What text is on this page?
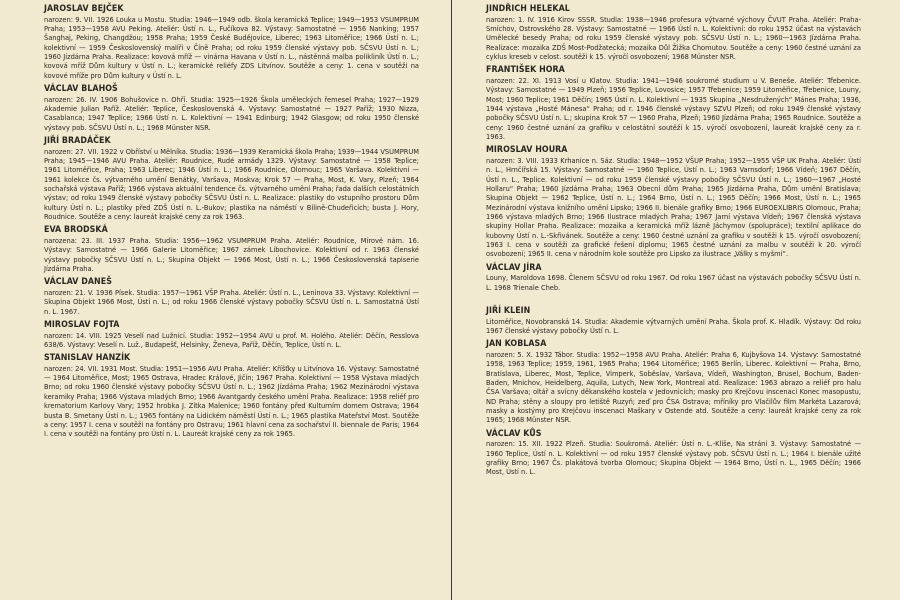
JAROSLAV BEJČEK

narozen: 9. VII. 1926 Louka u Mostu. Studia: 1946—1949 odb. škola keramická Teplice; 1949—1953 VSUMPRUM Praha; 1953—1958 AVU Peking. Ateliér: Ústí n. L., Fučíkova 82. Výstavy: Samostatné — 1956 Nanking; 1957 Šanghaj, Peking, Changdžou; 1958 Praha; 1959 České Budějovice, Liberec; 1963 Litoměřice; 1966 Ústí n. L.; kolektivní — 1959 Československý malíři v Číně Praha; od roku 1959 členské výstavy pob. SČSVU Ústí n. L.; 1960 Jízdárna Praha. Realizace: kovová mříž — vinárna Havana v Ústí n. L., nástěnná malba polikliník Ústí n. L.; kovová mříž Dům kultury v Ústí n. L.; keramické reliéfy ZDS Litvínov. Soutěže a ceny: 1. cena v soutěži na kovové mříže pro Dům kultury v Ústí n. L.

VÁCLAV BLAHOŠ

narozen: 26. IV. 1906 Bohušovice n. Ohří. Studia: 1925—1926 Škola uměleckých řemesel Praha; 1927—1929 Akademie Julian Paříž. Ateliér: Teplice, Československá 4. Výstavy: Samostatné — 1927 Paříž; 1930 Nizza, Casablanca; 1947 Teplice; 1966 Ústí n. L. Kolektivní — 1941 Edinburg; 1942 Glasgow; od roku 1950 členské výstavy pob. SČSVU Ústí n. L.; 1968 Münster NSR.

JIŘÍ BRADÁČEK

narozen: 27. VII. 1922 v Obříství u Mělníka. Studia: 1936—1939 Keramická škola Praha; 1939—1944 VSUMPRUM Praha; 1945—1946 AVU Praha. Ateliér: Roudnice, Rudé armády 1329. Výstavy: Samostatné — 1958 Teplice; 1961 Litoměřice, Praha; 1963 Liberec; 1946 Ústí n. L.; 1966 Roudnice, Olomouc; 1965 Varšava. Kolektivní — 1961 kolekce čs. výtvarného umění Benátky, Varšava, Moskva; Krok 57 — Praha, Most, K. Vary, Plzeň; 1964 sochařská výstava Paříž; 1966 výstava aktuální tendence čs. výtvarného umění Praha; řada dalších celostátních výstav; od roku 1949 členské výstavy pobočky SČSVU Ústí n. L. Realizace: plastiky do vstupního prostoru Dům kultury Ústí n. L.; plastiky před ZDŠ Ústí n. L.-Bukov; plastika na náměstí v Bílině-Chudeřicích; busta J. Hory, Roudnice. Soutěže a ceny: laureát krajské ceny za rok 1963.

EVA BRODSKÁ

narozena: 23. III. 1937 Praha. Studia: 1956—1962 VSUMPRUM Praha. Ateliér: Roudnice, Mírové nám. 16. Výstavy: Samostatné — 1966 Galerie Litoměřice; 1967 zámek Libochovice. Kolektivní od r. 1963 členské výstavy pobočky SČSVU Ústí n. L.; Skupina Objekt — 1966 Most, Ústí n. L.; 1966 Československá tapiserie Jízdárna Praha.

VÁCLAV DANEŠ

narozen: 21. V. 1936 Písek. Studia: 1957—1961 VŠP Praha. Ateliér: Ústí n. L., Leninova 33. Výstavy: Kolektivní — Skupina Objekt 1966 Most, Ústí n. L.; od roku 1966 členské výstavy pobočky SČSVU Ústí n. L. Samostatná Ústí n. L. 1967.

MIROSLAV FOJTA

narozen: 14. VIII. 1925 Veselí nad Lužnicí. Studia: 1952—1954 AVU u prof. M. Holého. Ateliér: Děčín, Resslova 638/6. Výstavy: Veselí n. Luž., Budapešť, Helsinky, Ženeva, Paříž, Děčín, Teplice, Ústí n. L.

STANISLAV HANZÍK

narozen: 24. VII. 1931 Most. Studia: 1951—1956 AVU Praha. Ateliér: Kříšťky u Litvínova 16. Výstavy: Samostatné — 1964 Litoměřice, Most; 1965 Ostrava, Hradec Králové, Jičín; 1967 Praha. Kolektivní — 1958 Výstava mladých Brno; od roku 1960 členské výstavy pobočky SČSVU Ústí n. L.; 1962 Jízdárna Praha; 1962 Mezinárodní výstava keramiky Praha; 1966 Výstava mladých Brno; 1966 Avantgardy českého umění Praha. Realizace: 1958 reliéf pro krematorium Karlovy Vary; 1952 hrobka J. Zítka Malenice; 1960 fontány před Kulturním domem Ostrava; 1964 busta B. Smetany Ústí n. L.; 1965 fontány na Lidickém náměstí Ústí n. L.; 1965 plastika Mateřství Most. Soutěže a ceny: 1957 I. cena v soutěži na fontány pro Ostravu; 1961 hlavní cena za sochařství II. biennale de Paris; 1964 I. cena v soutěži na fontány pro Ústí n. L. Laureát krajské ceny za rok 1965.

JINDŘICH HELEKAL

narozen: 1. IV. 1916 Kirov SSSR. Studia: 1938—1946 profesura výtvarné výchovy ČVUT Praha. Ateliér: Praha-Smíchov, Ostrovského 28. Výstavy: Samostatné — 1966 Ústí n. L. Kolektivní: do roku 1952 účast na výstavách Umělecké besedy Praha; od roku 1959 členské výstavy pob. SČSVU Ústí n. L.; 1960—1963 Jízdárna Praha. Realizace: mozaika ZDŠ Most-Podžatecká; mozaika Důl Žižka Chomutov. Soutěže a ceny: 1960 čestné uznání za cyklus kreseb v celost. soutěži k 15. výročí osvobození; 1968 Münster NSR.

FRANTIŠEK HORA

narozen: 22. XI. 1913 Vosí u Klatov. Studia: 1941—1946 soukromé studium u V. Beneše. Ateliér: Třebenice. Výstavy: Samostatné — 1949 Plzeň; 1956 Teplice, Lovosice; 1957 Třebenice; 1959 Litoměřice, Třebenice, Louny, Most; 1960 Teplice; 1961 Děčín; 1965 Ústí n. L. Kolektivní — 1935 Skupina „Nesdružených“ Mánes Praha; 1936, 1944 výstava „Hosté Mánesa“ Praha; od r. 1946 členské výstavy SZVU Plzeň; od roku 1949 členské výstavy pobočky SČSVU Ústí n. L.; skupina Krok 57 — 1960 Praha, Plzeň; 1960 Jízdárna Praha; 1965 Roudnice. Soutěže a ceny: 1960 čestné uznání za grafiku v celostátní soutěži k 15. výročí osvobození, laureát krajské ceny za r. 1963.

MIROSLAV HOURA

narozen: 3. VIII. 1933 Krhanice n. Sáz. Studia: 1948—1952 VŠUP Praha; 1952—1955 VŠP UK Praha. Ateliér: Ústí n. L., Hrnčířská 15. Výstavy: Samostatné — 1960 Teplice, Ústí n. L.; 1963 Varnsdorf; 1966 Vídeň; 1967 Děčín, Ústí n. L., Teplice. Kolektivní — od roku 1959 členské výstavy pobočky SČSVU Ústí n. L.; 1960—1967 „Hosté Hollaru“ Praha; 1960 Jízdárna Praha; 1963 Obecní dům Praha; 1965 Jízdárna Praha, Dům umění Bratislava; Skupina Objekt — 1962 Teplice, Ústí n. L.; 1964 Brno, Ústí n. L.; 1965 Děčín; 1966 Most, Ústí n. L.; 1965 Mezinárodní výstava knižního umění Lipsko; 1966 II. bienále grafiky Brno; 1966 EUROEXLIBRIS Olomouc, Praha; 1966 výstava mladých Brno; 1966 Ilustrace mladých Praha; 1967 Jarní výstava Vídeň; 1967 členská výstava skupiny Hollar Praha. Realizace: mozaika a keramická mříž lázně Jáchymov (spolupráce); textilní aplikace do kubovny Ústí n. L.-Skřivánek. Soutěže a ceny: 1960 čestné uznání za grafiku v soutěži k 15. výročí osvobození; 1963 I. cena v soutěži za grafické řešení diplomu; 1965 čestné uznání za malbu v soutěži k 20. výročí osvobození; 1965 II. cena v národním kole soutěže pro Lipsko za ilustrace „Války s myšmi“.

VÁCLAV JÍRA

Louny, Maroldova 1698. Členem SČSVU od roku 1967. Od roku 1967 účast na výstavách pobočky SČSVU Ústí n. L. 1968 Trienale Cheb.

JIŘÍ KLEIN

Litoměřice, Novobranská 14. Studia: Akademie výtvarných umění Praha. Škola prof. K. Hladík. Výstavy: Od roku 1967 členské výstavy pobočky Ústí n. L.

JAN KOBLASA

narozen: 5. X. 1932 Tábor. Studia: 1952—1958 AVU Praha. Ateliér: Praha 6, Kujbyšova 14. Výstavy: Samostatné 1958, 1963 Teplice; 1959, 1961, 1965 Praha; 1964 Litoměřice; 1965 Berlín, Liberec. Kolektivní — Praha, Brno, Bratislava, Liberec, Most, Teplice, Vimperk, Soběslav, Varšava, Vídeň, Washington, Brusel, Bochum, Baden-Baden, Mnichov, Heidelberg, Aquila, Lutych, New York, Montreal atd. Realizace: 1963 abrazo a reliéf pro halu ČSA Varšava; oltář a svícny děkanského kostela v Jedovnicích; masky pro Krejčovu inscenaci Konec masopustu, ND Praha; stěny a sloupy pro letiště Ruzyň; zeď pro ČSA Ostrava; mříníky pro Vlačilův film Markéta Lazarová; masky a kostýmy pro Krejčovu inscenaci Maškary v Ostende atd. Soutěže a ceny: laureát krajské ceny za rok 1965; 1968 Münster NSR.

VÁCLAV KŮS

narozen: 15. XII. 1922 Plzeň. Studia: Soukromá. Ateliér: Ústí n. L.-Klíše, Na stráni 3. Výstavy: Samostatné — 1960 Teplice, Ústí n. L. Kolektivní — od roku 1957 členské výstavy pob. SČSVU Ústí n. L.; 1964 I. bienále užité grafiky Brno; 1967 Čs. plakátová tvorba Olomouc; Skupina Objekt — 1964 Brno, Ústí n. L., 1965 Děčín; 1966 Most, Ústí n. L.
